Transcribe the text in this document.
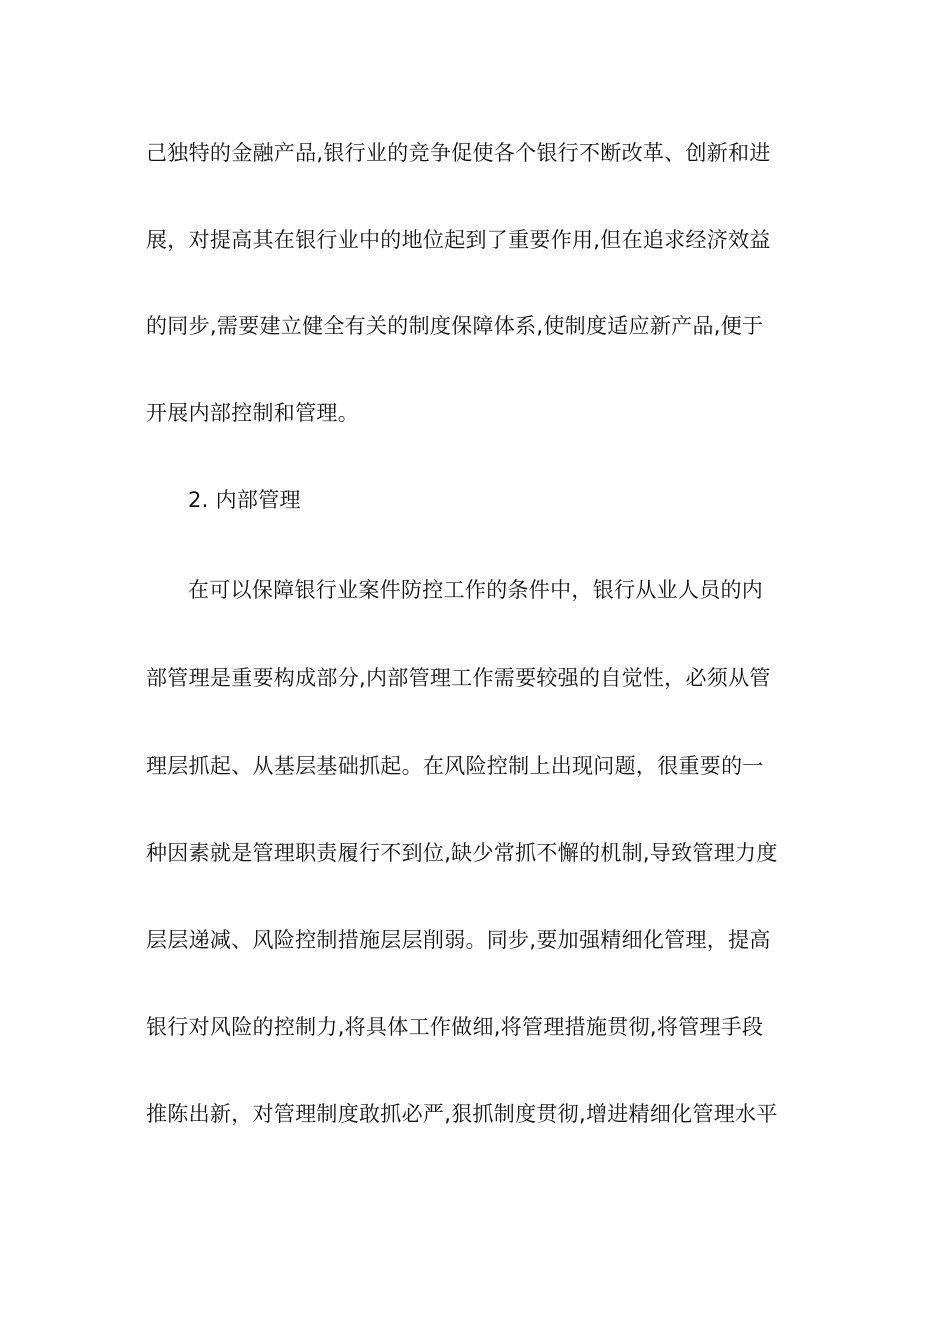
己独特的金融产品,银行业的竞争促使各个银行不断改革、创新和进
展，对提高其在银行业中的地位起到了重要作用,但在追求经济效益
的同步,需要建立健全有关的制度保障体系,使制度适应新产品,便于
开展内部控制和管理。
2. 内部管理
在可以保障银行业案件防控工作的条件中，银行从业人员的内
部管理是重要构成部分,内部管理工作需要较强的自觉性，必须从管
理层抓起、从基层基础抓起。在风险控制上出现问题，很重要的一
种因素就是管理职责履行不到位,缺少常抓不懈的机制,导致管理力度
层层递减、风险控制措施层层削弱。同步,要加强精细化管理，提高
银行对风险的控制力,将具体工作做细,将管理措施贯彻,将管理手段
推陈出新，对管理制度敢抓必严,狠抓制度贯彻,增进精细化管理水平
